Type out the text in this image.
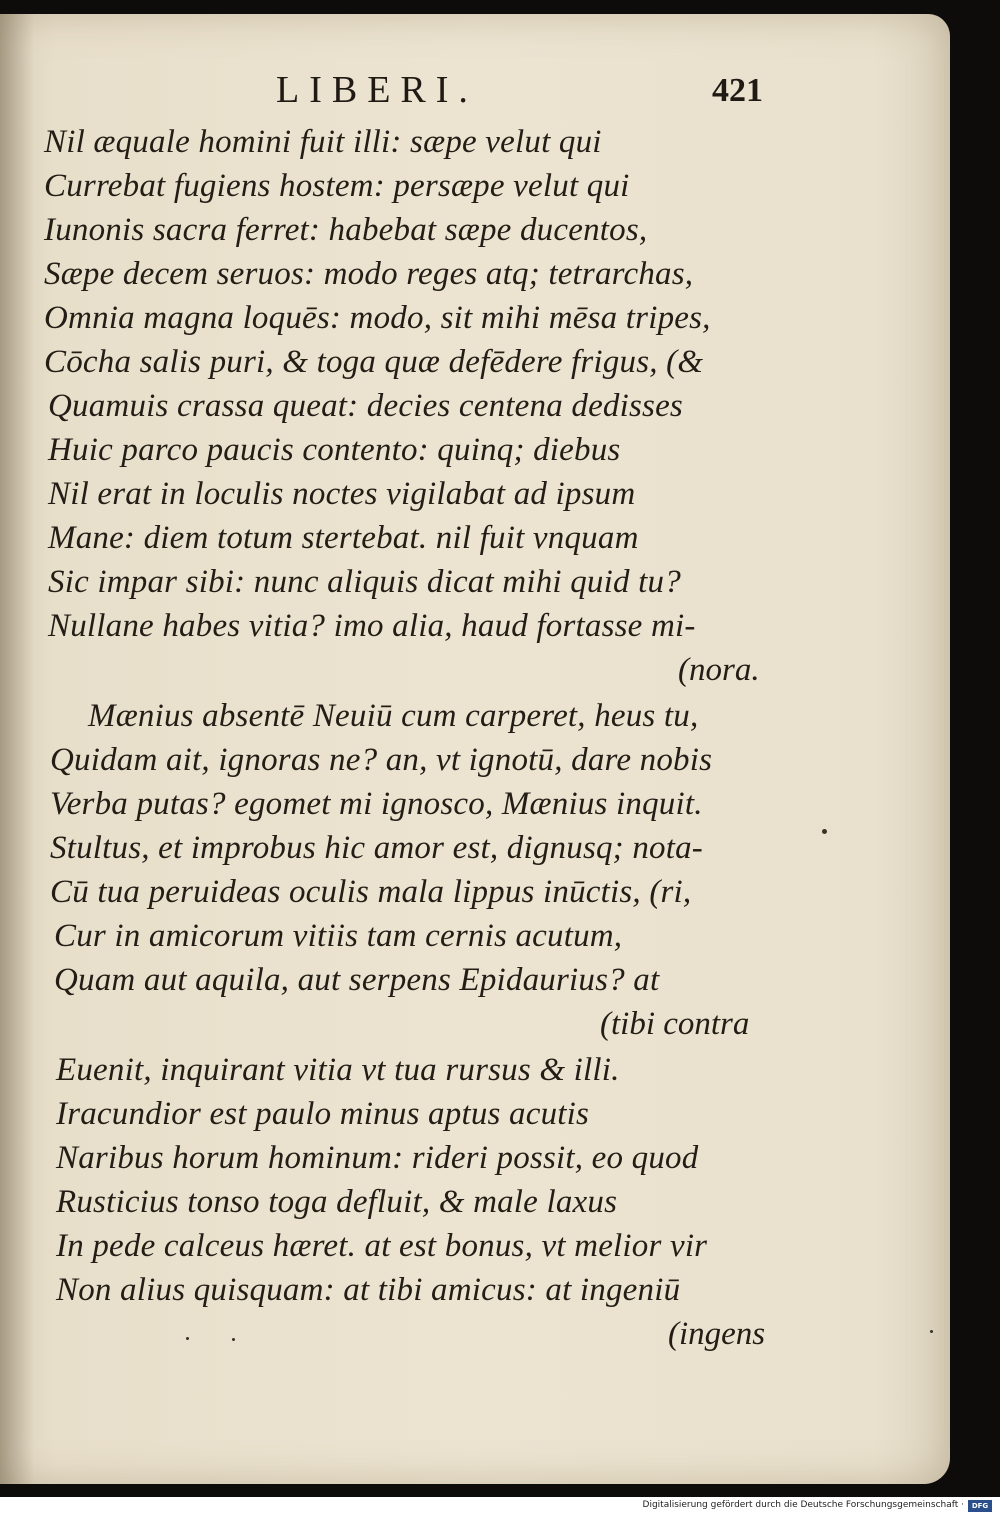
LIBERI.	421

Nil æquale homini fuit illi: sæpe velut qui

Currebat fugiens hostem: persæpe velut qui

Iunonis sacra ferret: habebat sæpe ducentos,

Sæpe decem seruos: modo reges atq; tetrarchas,

Omnia magna loquēs: modo, sit mihi mēsa tripes,

Cōcha salis puri, & toga quæ defēdere frigus, (&

Quamuis crassa queat: decies centena dedisses

Huic parco paucis contento: quinq; diebus

Nil erat in loculis noctes vigilabat ad ipsum

Mane: diem totum stertebat. nil fuit vnquam

Sic impar sibi: nunc aliquis dicat mihi quid tu?

Nullane habes vitia? imo alia, haud fortasse mi-

(nora.

Mænius absentē Neuiū cum carperet, heus tu,

Quidam ait, ignoras ne? an, vt ignotū, dare nobis

Verba putas? egomet mi ignosco, Mænius inquit.

Stultus, et improbus hic amor est, dignusq; nota-

Cū tua peruideas oculis mala lippus inūctis, (ri,

Cur in amicorum vitiis tam cernis acutum,

Quam aut aquila, aut serpens Epidaurius? at

(tibi contra

Euenit, inquirant vitia vt tua rursus & illi.

Iracundior est paulo minus aptus acutis

Naribus horum hominum: rideri possit, eo quod

Rusticius tonso toga defluit, & male laxus

In pede calceus hæret. at est bonus, vt melior vir

Non alius quisquam: at tibi amicus: at ingeniū

(ingens

Digitalisierung gefördert durch die Deutsche Forschungsgemeinschaft ·	DFG
